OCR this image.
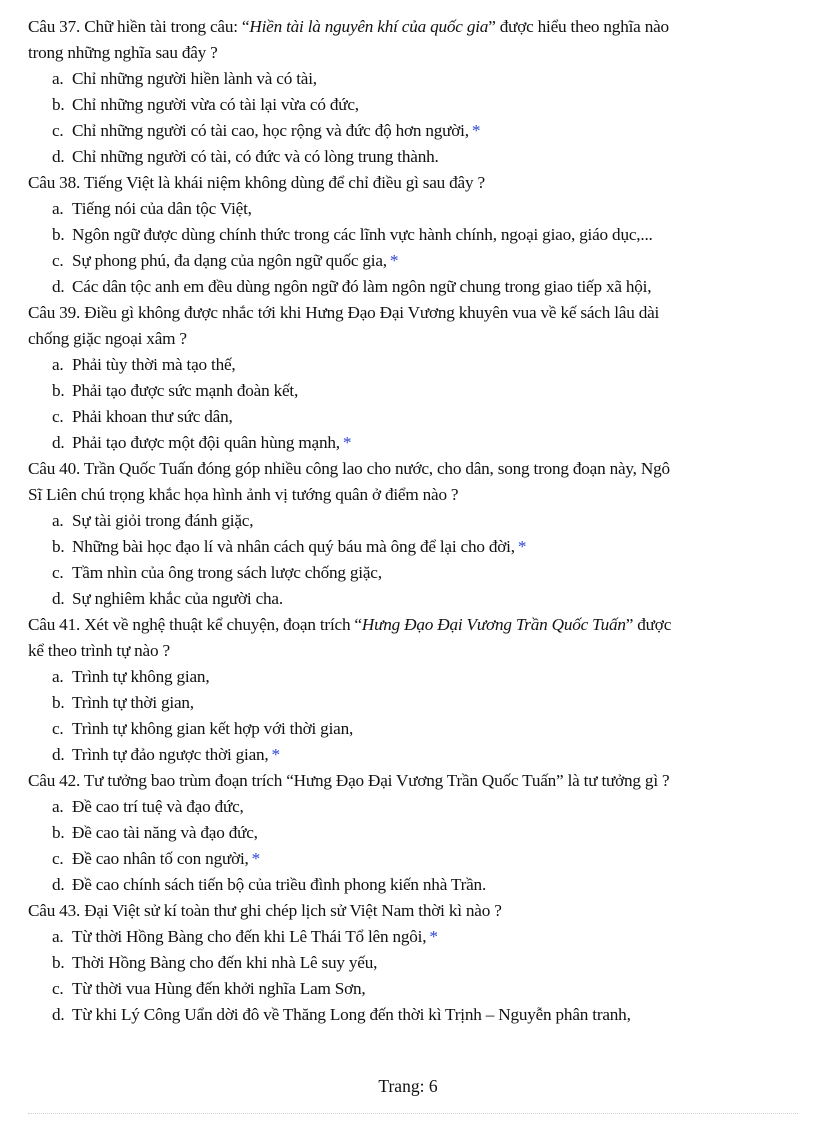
Câu 37. Chữ hiền tài trong câu: “Hiền tài là nguyên khí của quốc gia” được hiểu theo nghĩa nào
trong những nghĩa sau đây ?
a. Chỉ những người hiền lành và có tài,
b. Chỉ những người vừa có tài lại vừa có đức,
c. Chỉ những người có tài cao, học rộng và đức độ hơn người, *
d. Chỉ những người có tài, có đức và có lòng trung thành.
Câu 38. Tiếng Việt là khái niệm không dùng để chỉ điều gì sau đây ?
a. Tiếng nói của dân tộc Việt,
b. Ngôn ngữ được dùng chính thức trong các lĩnh vực hành chính, ngoại giao, giáo dục,...
c. Sự phong phú, đa dạng của ngôn ngữ quốc gia, *
d. Các dân tộc anh em đều dùng ngôn ngữ đó làm ngôn ngữ chung trong giao tiếp xã hội,
Câu 39. Điều gì không được nhắc tới khi Hưng Đạo Đại Vương khuyên vua về kế sách lâu dài
chống giặc ngoại xâm ?
a. Phải tùy thời mà tạo thế,
b. Phải tạo được sức mạnh đoàn kết,
c. Phải khoan thư sức dân,
d. Phải tạo được một đội quân hùng mạnh, *
Câu 40. Trần Quốc Tuấn đóng góp nhiều công lao cho nước, cho dân, song trong đoạn này, Ngô
Sĩ Liên chú trọng khắc họa hình ảnh vị tướng quân ở điểm nào ?
a. Sự tài giỏi trong đánh giặc,
b. Những bài học đạo lí và nhân cách quý báu mà ông để lại cho đời, *
c. Tầm nhìn của ông trong sách lược chống giặc,
d. Sự nghiêm khắc của người cha.
Câu 41. Xét về nghệ thuật kể chuyện, đoạn trích “Hưng Đạo Đại Vương Trần Quốc Tuấn” được
kể theo trình tự nào ?
a. Trình tự không gian,
b. Trình tự thời gian,
c. Trình tự không gian kết hợp với thời gian,
d. Trình tự đảo ngược thời gian, *
Câu 42. Tư tưởng bao trùm đoạn trích “Hưng Đạo Đại Vương Trần Quốc Tuấn” là tư tưởng gì ?
a. Đề cao trí tuệ và đạo đức,
b. Đề cao tài năng và đạo đức,
c. Đề cao nhân tố con người, *
d. Đề cao chính sách tiến bộ của triều đình phong kiến nhà Trần.
Câu 43. Đại Việt sử kí toàn thư ghi chép lịch sử Việt Nam thời kì nào ?
a. Từ thời Hồng Bàng cho đến khi Lê Thái Tổ lên ngôi, *
b. Thời Hồng Bàng cho đến khi nhà Lê suy yếu,
c. Từ thời vua Hùng đến khởi nghĩa Lam Sơn,
d. Từ khi Lý Công Uẩn dời đô về Thăng Long đến thời kì Trịnh – Nguyễn phân tranh,
Trang: 6
